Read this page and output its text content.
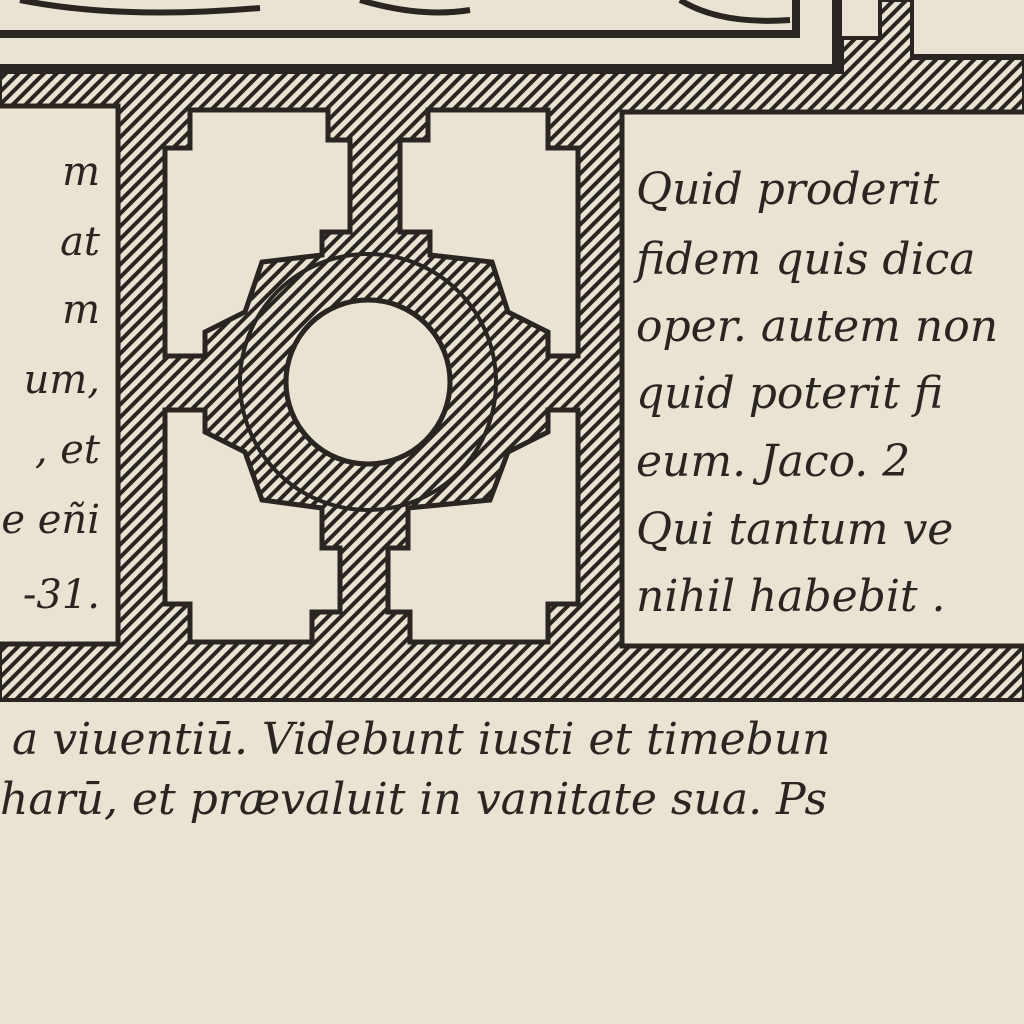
m
at
m
um,
, et
e eñi
-31.
Quid proderit
fidem quis dica
oper. autem non
quid poterit fi
eum. Jaco. 2
Qui tantum ve
nihil habebit .
a viuentiū. Videbunt iusti et timebun
harū, et prævaluit in vanitate sua. Ps
